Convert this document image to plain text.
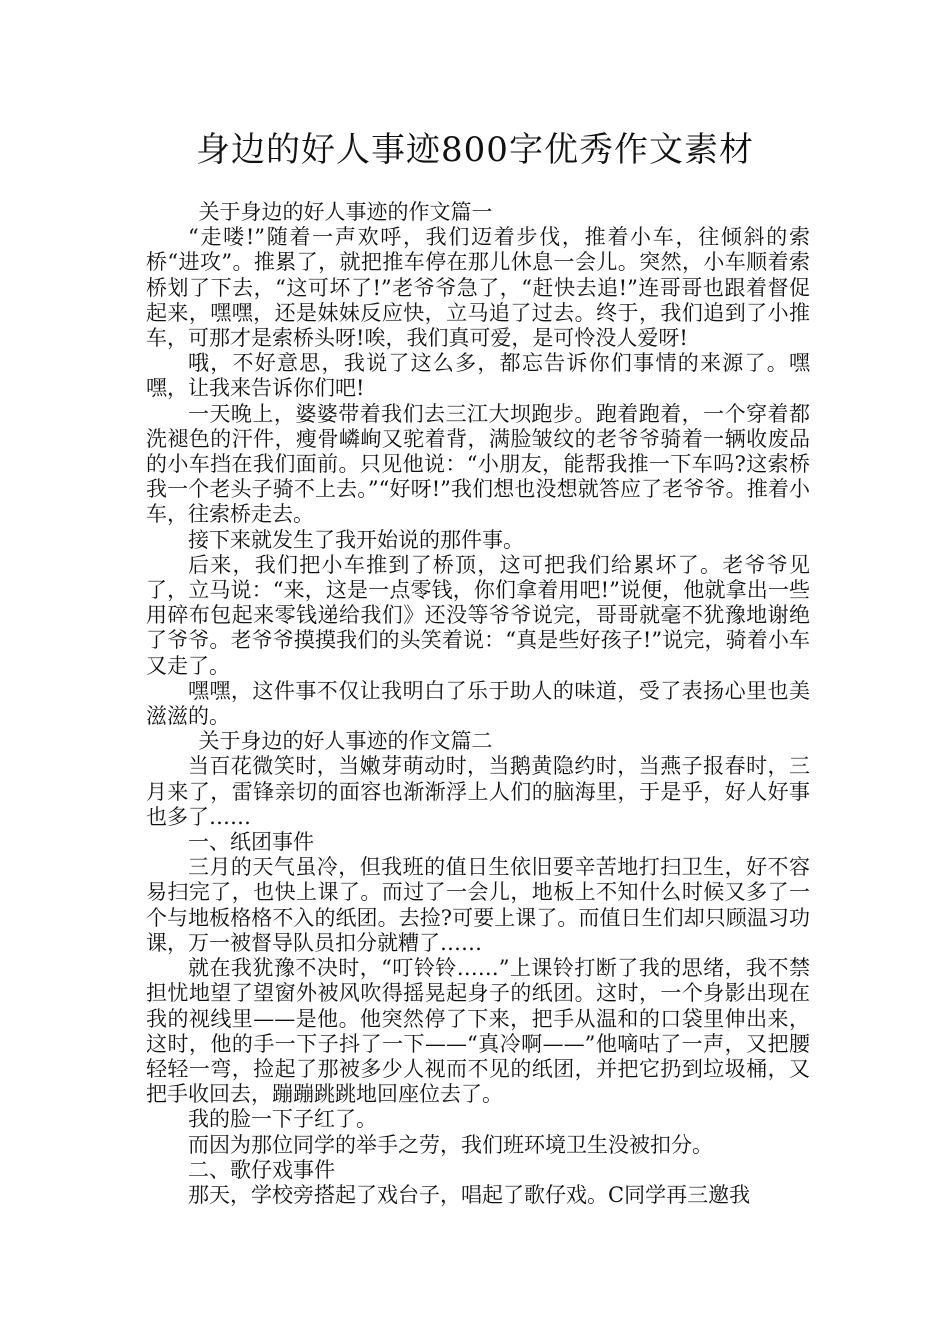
身边的好人事迹800字优秀作文素材

关于身边的好人事迹的作文篇一

“走喽!”随着一声欢呼，我们迈着步伐，推着小车，往倾斜的索桥“进攻”。推累了，就把推车停在那儿休息一会儿。突然，小车顺着索桥划了下去，“这可坏了!”老爷爷急了，“赶快去追!”连哥哥也跟着督促起来，嘿嘿，还是妹妹反应快，立马追了过去。终于，我们追到了小推车，可那才是索桥头呀!唉，我们真可爱，是可怜没人爱呀!

哦，不好意思，我说了这么多，都忘告诉你们事情的来源了。嘿嘿，让我来告诉你们吧!

一天晚上，婆婆带着我们去三江大坝跑步。跑着跑着，一个穿着都洗褪色的汗件，瘦骨嶙峋又驼着背，满脸皱纹的老爷爷骑着一辆收废品的小车挡在我们面前。只见他说：“小朋友，能帮我推一下车吗?这索桥我一个老头子骑不上去。”“好呀!”我们想也没想就答应了老爷爷。推着小车，往索桥走去。

接下来就发生了我开始说的那件事。

后来，我们把小车推到了桥顶，这可把我们给累坏了。老爷爷见了，立马说：“来，这是一点零钱，你们拿着用吧!”说便，他就拿出一些用碎布包起来零钱递给我们》还没等爷爷说完，哥哥就毫不犹豫地谢绝了爷爷。老爷爷摸摸我们的头笑着说：“真是些好孩子!”说完，骑着小车又走了。

嘿嘿，这件事不仅让我明白了乐于助人的味道，受了表扬心里也美滋滋的。

关于身边的好人事迹的作文篇二

当百花微笑时，当嫩芽萌动时，当鹅黄隐约时，当燕子报春时，三月来了，雷锋亲切的面容也渐渐浮上人们的脑海里，于是乎，好人好事也多了……

一、纸团事件

三月的天气虽冷，但我班的值日生依旧要辛苦地打扫卫生，好不容易扫完了，也快上课了。而过了一会儿，地板上不知什么时候又多了一个与地板格格不入的纸团。去捡?可要上课了。而值日生们却只顾温习功课，万一被督导队员扣分就糟了……

就在我犹豫不决时，“叮铃铃……”上课铃打断了我的思绪，我不禁担忧地望了望窗外被风吹得摇晃起身子的纸团。这时，一个身影出现在我的视线里——是他。他突然停了下来，把手从温和的口袋里伸出来，这时，他的手一下子抖了一下——“真冷啊——”他嘀咕了一声，又把腰轻轻一弯，捡起了那被多少人视而不见的纸团，并把它扔到垃圾桶，又把手收回去，蹦蹦跳跳地回座位去了。

我的脸一下子红了。

而因为那位同学的举手之劳，我们班环境卫生没被扣分。

二、歌仔戏事件

那天，学校旁搭起了戏台子，唱起了歌仔戏。C同学再三邀我
